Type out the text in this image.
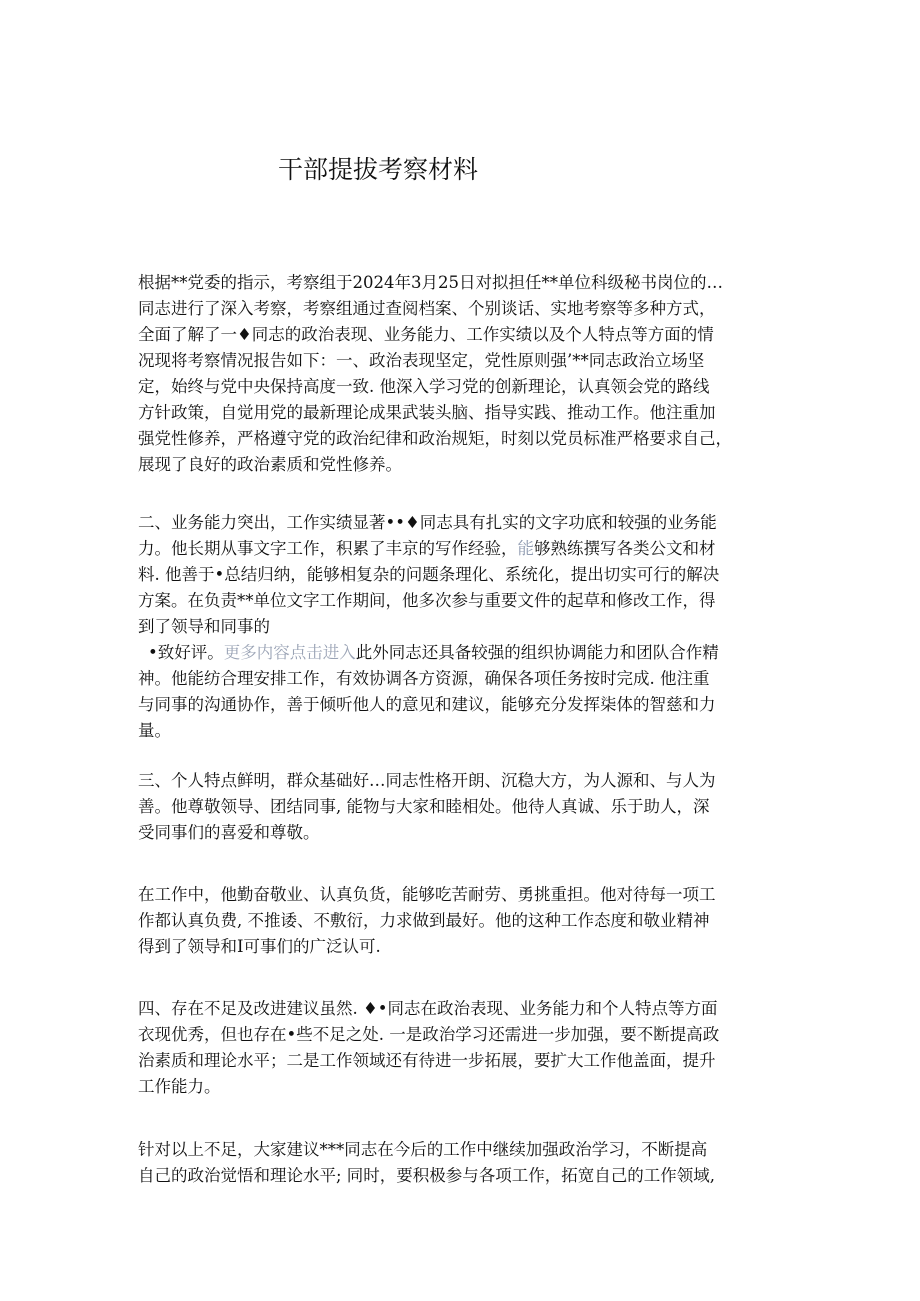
干部提拔考察材料
根据**党委的指示，考察组于2024年3月25日对拟担任**单位科级秘书岗位的…
同志进行了深入考察，考察组通过查阅档案、个别谈话、实地考察等多种方式，
全面了解了一♦同志的政治表现、业务能力、工作实绩以及个人特点等方面的情
况现将考察情况报告如下：一、政治表现坚定，党性原则强’**同志政治立场坚
定，始终与党中央保持高度一致. 他深入学习党的创新理论，认真领会党的路线
方针政策，自觉用党的最新理论成果武装头脑、指导实践、推动工作。他注重加
强党性修养，严格遵守党的政治纪律和政治规矩，时刻以党员标准严格要求自己，
展现了良好的政治素质和党性修养。
二、业务能力突出，工作实绩显著••♦同志具有扎实的文字功底和较强的业务能
力。他长期从事文字工作，积累了丰京的写作经验，能够熟练撰写各类公文和材
料. 他善于•总结归纳，能够相复杂的问题条理化、系统化，提出切实可行的解决
方案。在负责**单位文字工作期间，他多次参与重要文件的起草和修改工作，得
到了领导和同事的
•致好评。更多内容点击进入此外同志还具备较强的组织协调能力和团队合作精
神。他能纺合理安排工作，有效协调各方资源，确保各项任务按时完成. 他注重
与同事的沟通协作，善于倾听他人的意见和建议，能够充分发挥柒体的智慈和力
量。
三、个人特点鲜明，群众基础好…同志性格开朗、沉稳大方，为人源和、与人为
善。他尊敬领导、团结同事, 能物与大家和睦相处。他待人真诚、乐于助人，深
受同事们的喜爱和尊敬。
在工作中，他勤奋敬业、认真负货，能够吃苦耐劳、勇挑重担。他对待每一项工
作都认真负费, 不推诿、不敷衍，力求做到最好。他的这种工作态度和敬业精神
得到了领导和I可事们的广泛认可.
四、存在不足及改进建议虽然. ♦•同志在政治表现、业务能力和个人特点等方面
衣现优秀，但也存在•些不足之处. 一是政治学习还需进一步加强，要不断提高政
治素质和理论水平；二是工作领域还有待进一步拓展，要扩大工作他盖面，提升
工作能力。
针对以上不足，大家建议***同志在今后的工作中继续加强政治学习，不断提高
自己的政治觉悟和理论水平; 同时，要积极参与各项工作，拓宽自己的工作领域,
